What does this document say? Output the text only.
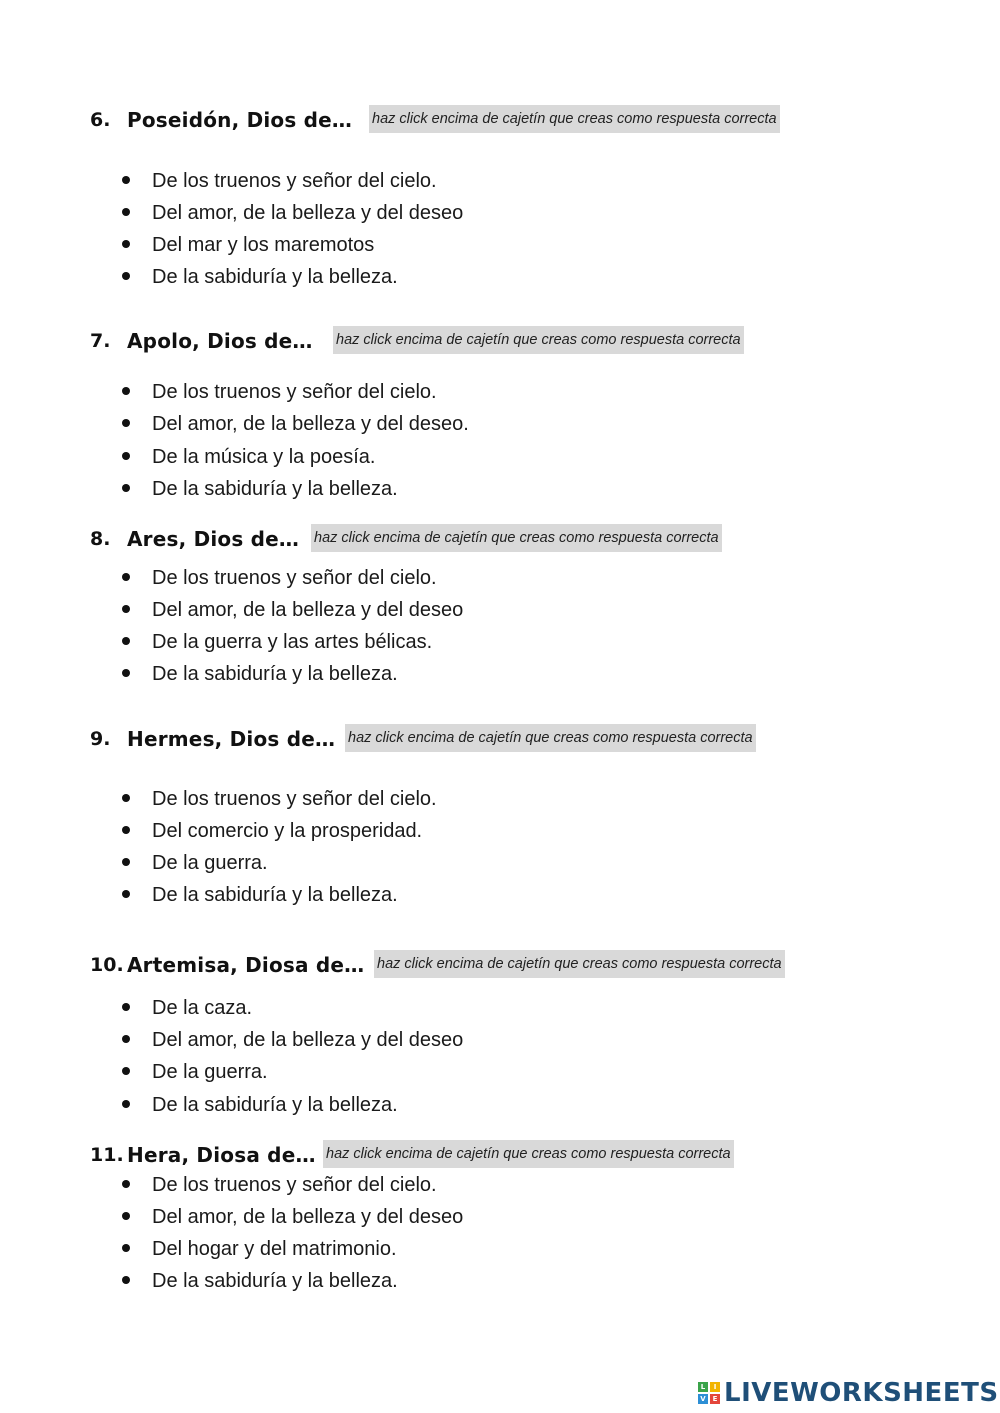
6. Poseidón, Dios de… haz click encima de cajetín que creas como respuesta correcta
De los truenos y señor del cielo.
Del amor, de la belleza y del deseo
Del mar y los maremotos
De la sabiduría y la belleza.
7. Apolo, Dios de… haz click encima de cajetín que creas como respuesta correcta
De los truenos y señor del cielo.
Del amor, de la belleza y del deseo.
De la música y la poesía.
De la sabiduría y la belleza.
8. Ares, Dios de… haz click encima de cajetín que creas como respuesta correcta
De los truenos y señor del cielo.
Del amor, de la belleza y del deseo
De la guerra y las artes bélicas.
De la sabiduría y la belleza.
9. Hermes, Dios de… haz click encima de cajetín que creas como respuesta correcta
De los truenos y señor del cielo.
Del comercio y la prosperidad.
De la guerra.
De la sabiduría y la belleza.
10. Artemisa, Diosa de… haz click encima de cajetín que creas como respuesta correcta
De la caza.
Del amor, de la belleza y del deseo
De la guerra.
De la sabiduría y la belleza.
11. Hera, Diosa de… haz click encima de cajetín que creas como respuesta correcta
De los truenos y señor del cielo.
Del amor, de la belleza y del deseo
Del hogar y del matrimonio.
De la sabiduría y la belleza.
L	I
V E LIVEWORKSHEETS
